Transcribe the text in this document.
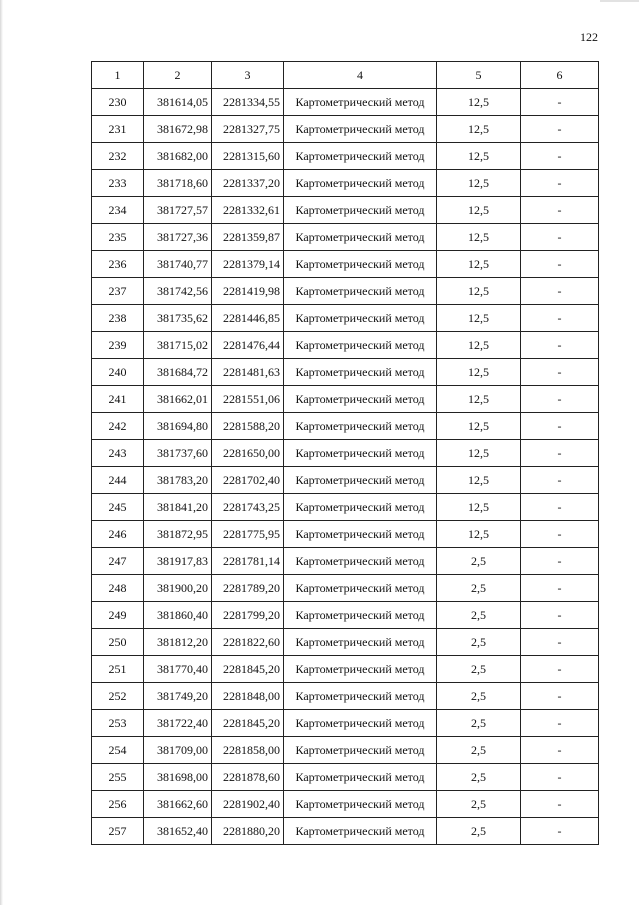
122
1	2	3	4	5	6
230	381614,05	2281334,55	Картометрический метод	12,5	-
231	381672,98	2281327,75	Картометрический метод	12,5	-
232	381682,00	2281315,60	Картометрический метод	12,5	-
233	381718,60	2281337,20	Картометрический метод	12,5	-
234	381727,57	2281332,61	Картометрический метод	12,5	-
235	381727,36	2281359,87	Картометрический метод	12,5	-
236	381740,77	2281379,14	Картометрический метод	12,5	-
237	381742,56	2281419,98	Картометрический метод	12,5	-
238	381735,62	2281446,85	Картометрический метод	12,5	-
239	381715,02	2281476,44	Картометрический метод	12,5	-
240	381684,72	2281481,63	Картометрический метод	12,5	-
241	381662,01	2281551,06	Картометрический метод	12,5	-
242	381694,80	2281588,20	Картометрический метод	12,5	-
243	381737,60	2281650,00	Картометрический метод	12,5	-
244	381783,20	2281702,40	Картометрический метод	12,5	-
245	381841,20	2281743,25	Картометрический метод	12,5	-
246	381872,95	2281775,95	Картометрический метод	12,5	-
247	381917,83	2281781,14	Картометрический метод	2,5	-
248	381900,20	2281789,20	Картометрический метод	2,5	-
249	381860,40	2281799,20	Картометрический метод	2,5	-
250	381812,20	2281822,60	Картометрический метод	2,5	-
251	381770,40	2281845,20	Картометрический метод	2,5	-
252	381749,20	2281848,00	Картометрический метод	2,5	-
253	381722,40	2281845,20	Картометрический метод	2,5	-
254	381709,00	2281858,00	Картометрический метод	2,5	-
255	381698,00	2281878,60	Картометрический метод	2,5	-
256	381662,60	2281902,40	Картометрический метод	2,5	-
257	381652,40	2281880,20	Картометрический метод	2,5	-
